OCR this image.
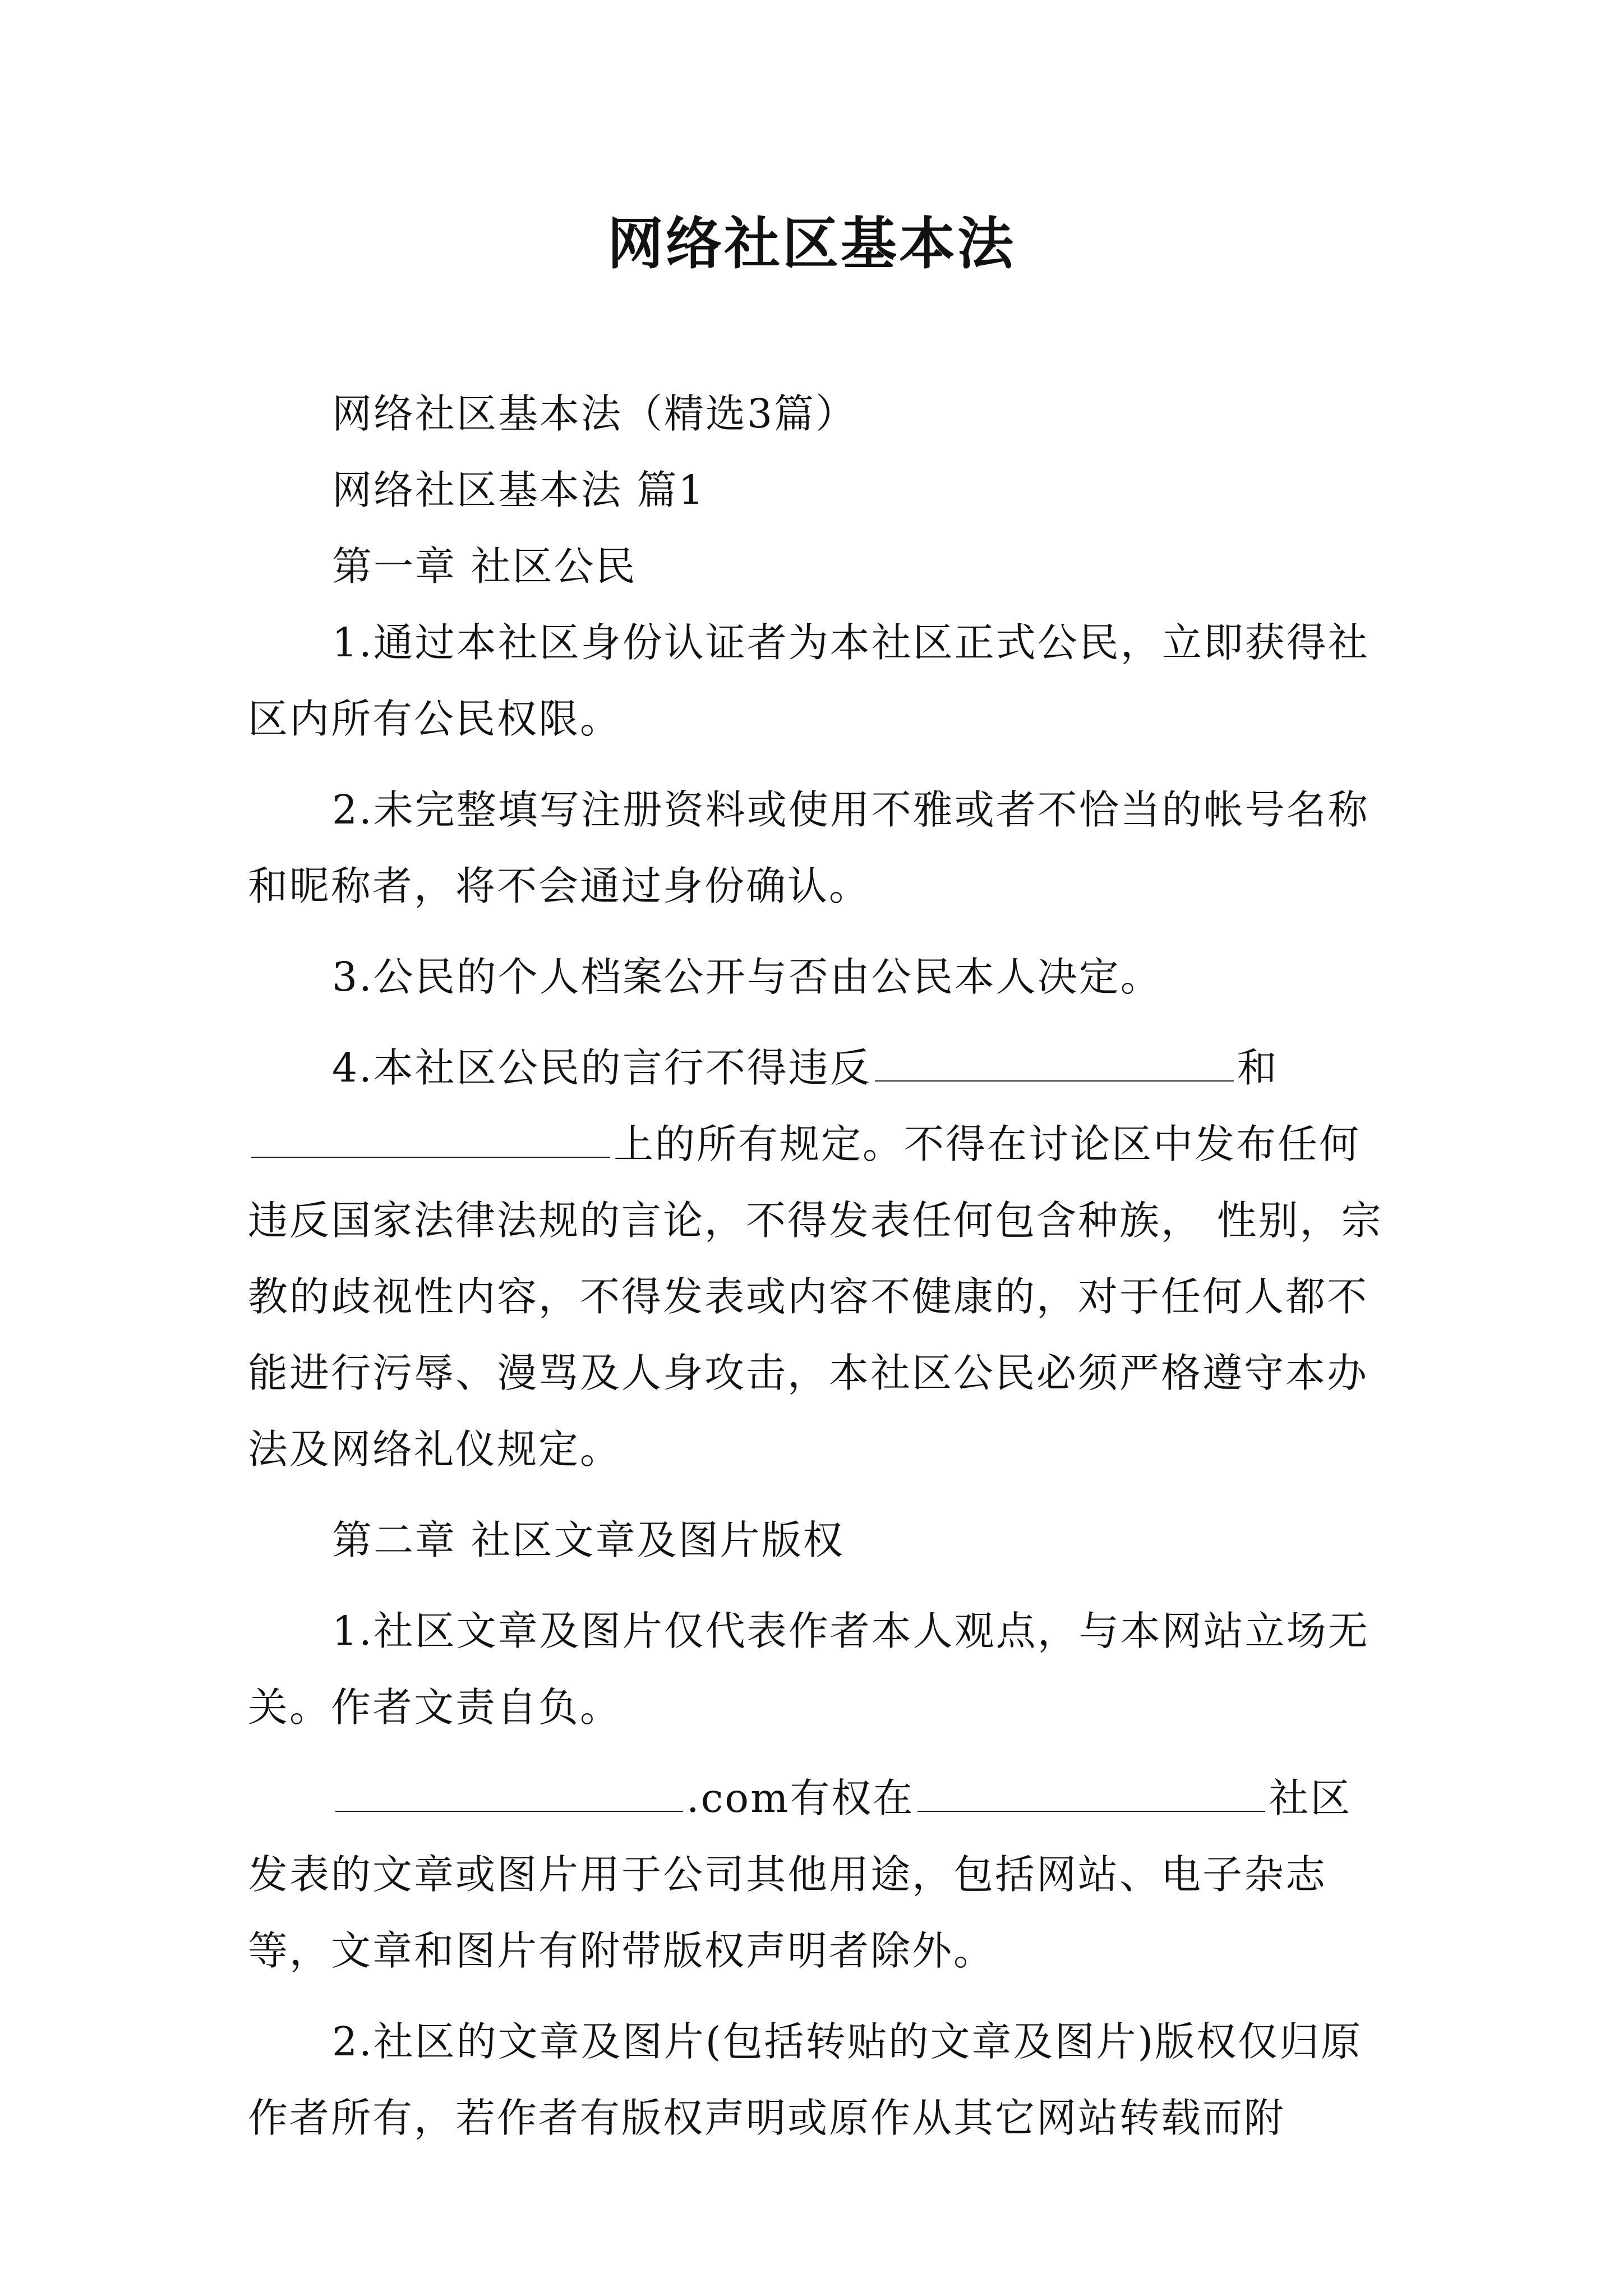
网络社区基本法

网络社区基本法（精选3篇）

网络社区基本法 篇1

第一章 社区公民

1.通过本社区身份认证者为本社区正式公民，立即获得社区内所有公民权限。

2.未完整填写注册资料或使用不雅或者不恰当的帐号名称和昵称者，将不会通过身份确认。

3.公民的个人档案公开与否由公民本人决定。

4.本社区公民的言行不得违反	和上的所有规定。不得在讨论区中发布任何违反国家法律法规的言论，不得发表任何包含种族， 性别，宗教的歧视性内容，不得发表或内容不健康的，对于任何人都不能进行污辱、漫骂及人身攻击，本社区公民必须严格遵守本办法及网络礼仪规定。

第二章 社区文章及图片版权

1.社区文章及图片仅代表作者本人观点，与本网站立场无关。作者文责自负。

.com有权在	社区发表的文章或图片用于公司其他用途，包括网站、电子杂志等，文章和图片有附带版权声明者除外。

2.社区的文章及图片(包括转贴的文章及图片)版权仅归原作者所有，若作者有版权声明或原作从其它网站转载而附
